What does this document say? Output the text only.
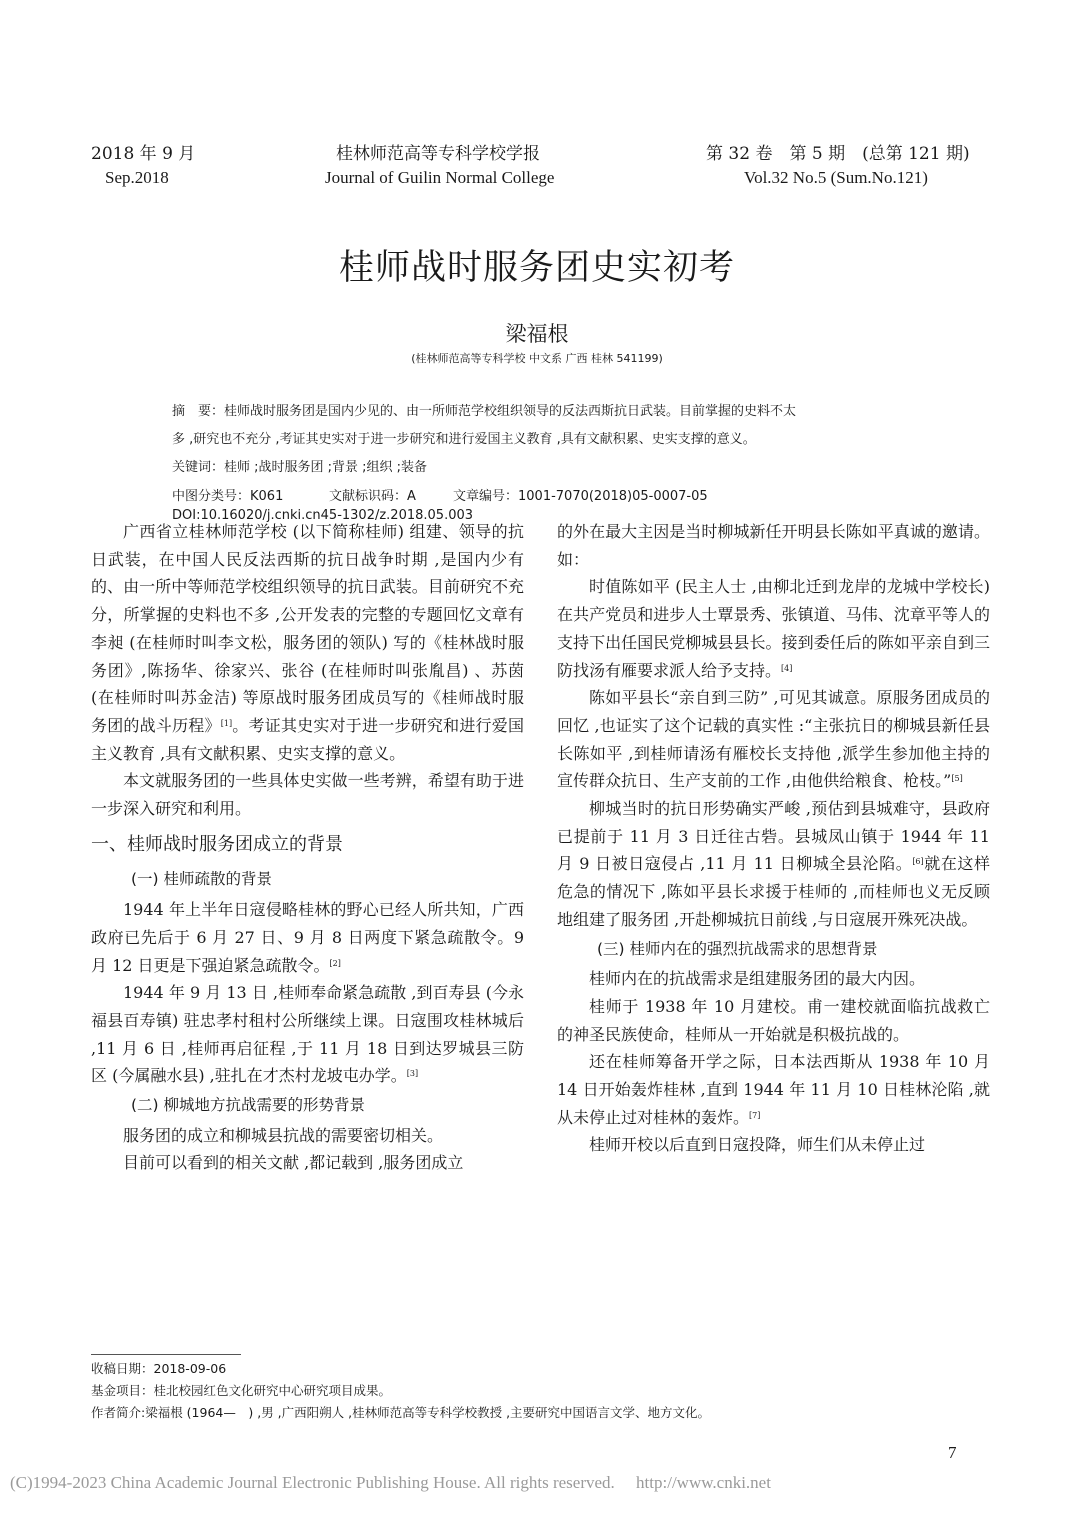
2018 年 9 月
Sep.2018
桂林师范高等专科学校学报
Journal of Guilin Normal College
第 32 卷　第 5 期　(总第 121 期)
Vol.32 No.5 (Sum.No.121)
桂师战时服务团史实初考
梁福根
(桂林师范高等专科学校 中文系 广西 桂林 541199)
摘　要：桂师战时服务团是国内少见的、由一所师范学校组织领导的反法西斯抗日武装。目前掌握的史料不太
多 ,研究也不充分 ,考证其史实对于进一步研究和进行爱国主义教育 ,具有文献积累、史实支撑的意义。
关键词：桂师 ;战时服务团 ;背景 ;组织 ;装备
中图分类号：K061	文献标识码：A	文章编号：1001-7070(2018)05-0007-05
DOI:10.16020/j.cnki.cn45-1302/z.2018.05.003

广西省立桂林师范学校 (以下简称桂师) 组建、领导的抗日武装，在中国人民反法西斯的抗日战争时期 ,是国内少有的、由一所中等师范学校组织领导的抗日武装。目前研究不充分，所掌握的史料也不多 ,公开发表的完整的专题回忆文章有李昶 (在桂师时叫李文松，服务团的领队) 写的《桂林战时服务团》,陈扬华、徐家兴、张谷 (在桂师时叫张胤昌) 、苏茵 (在桂师时叫苏金洁) 等原战时服务团成员写的《桂师战时服务团的战斗历程》[1]。考证其史实对于进一步研究和进行爱国主义教育 ,具有文献积累、史实支撑的意义。

本文就服务团的一些具体史实做一些考辨，希望有助于进一步深入研究和利用。

一、桂师战时服务团成立的背景

(一) 桂师疏散的背景

1944 年上半年日寇侵略桂林的野心已经人所共知，广西政府已先后于 6 月 27 日、9 月 8 日两度下紧急疏散令。9 月 12 日更是下强迫紧急疏散令。[2]

1944 年 9 月 13 日 ,桂师奉命紧急疏散 ,到百寿县 (今永福县百寿镇) 驻忠孝村租村公所继续上课。日寇围攻桂林城后 ,11 月 6 日 ,桂师再启征程 ,于 11 月 18 日到达罗城县三防区 (今属融水县) ,驻扎在才杰村龙坡屯办学。[3]

(二) 柳城地方抗战需要的形势背景

服务团的成立和柳城县抗战的需要密切相关。

目前可以看到的相关文献 ,都记载到 ,服务团成立

的外在最大主因是当时柳城新任开明县长陈如平真诚的邀请。如：

时值陈如平 (民主人士 ,由柳北迁到龙岸的龙城中学校长) 在共产党员和进步人士覃景秀、张镇道、马伟、沈章平等人的支持下出任国民党柳城县县长。接到委任后的陈如平亲自到三防找汤有雁要求派人给予支持。[4]

陈如平县长“亲自到三防” ,可见其诚意。原服务团成员的回忆 ,也证实了这个记载的真实性 :“主张抗日的柳城县新任县长陈如平 ,到桂师请汤有雁校长支持他 ,派学生参加他主持的宣传群众抗日、生产支前的工作 ,由他供给粮食、枪枝。”[5]

柳城当时的抗日形势确实严峻 ,预估到县城难守，县政府已提前于 11 月 3 日迁往古砦。县城凤山镇于 1944 年 11 月 9 日被日寇侵占 ,11 月 11 日柳城全县沦陷。[6]就在这样危急的情况下 ,陈如平县长求援于桂师的 ,而桂师也义无反顾地组建了服务团 ,开赴柳城抗日前线 ,与日寇展开殊死决战。

(三) 桂师内在的强烈抗战需求的思想背景

桂师内在的抗战需求是组建服务团的最大内因。

桂师于 1938 年 10 月建校。甫一建校就面临抗战救亡的神圣民族使命，桂师从一开始就是积极抗战的。

还在桂师筹备开学之际，日本法西斯从 1938 年 10 月 14 日开始轰炸桂林 ,直到 1944 年 11 月 10 日桂林沦陷 ,就从未停止过对桂林的轰炸。[7]

桂师开校以后直到日寇投降，师生们从未停止过

收稿日期：2018-09-06
基金项目：桂北校园红色文化研究中心研究项目成果。
作者简介:梁福根 (1964—　) ,男 ,广西阳朔人 ,桂林师范高等专科学校教授 ,主要研究中国语言文学、地方文化。
7
(C)1994-2023 China Academic Journal Electronic Publishing House. All rights reserved.　 http://www.cnki.net
